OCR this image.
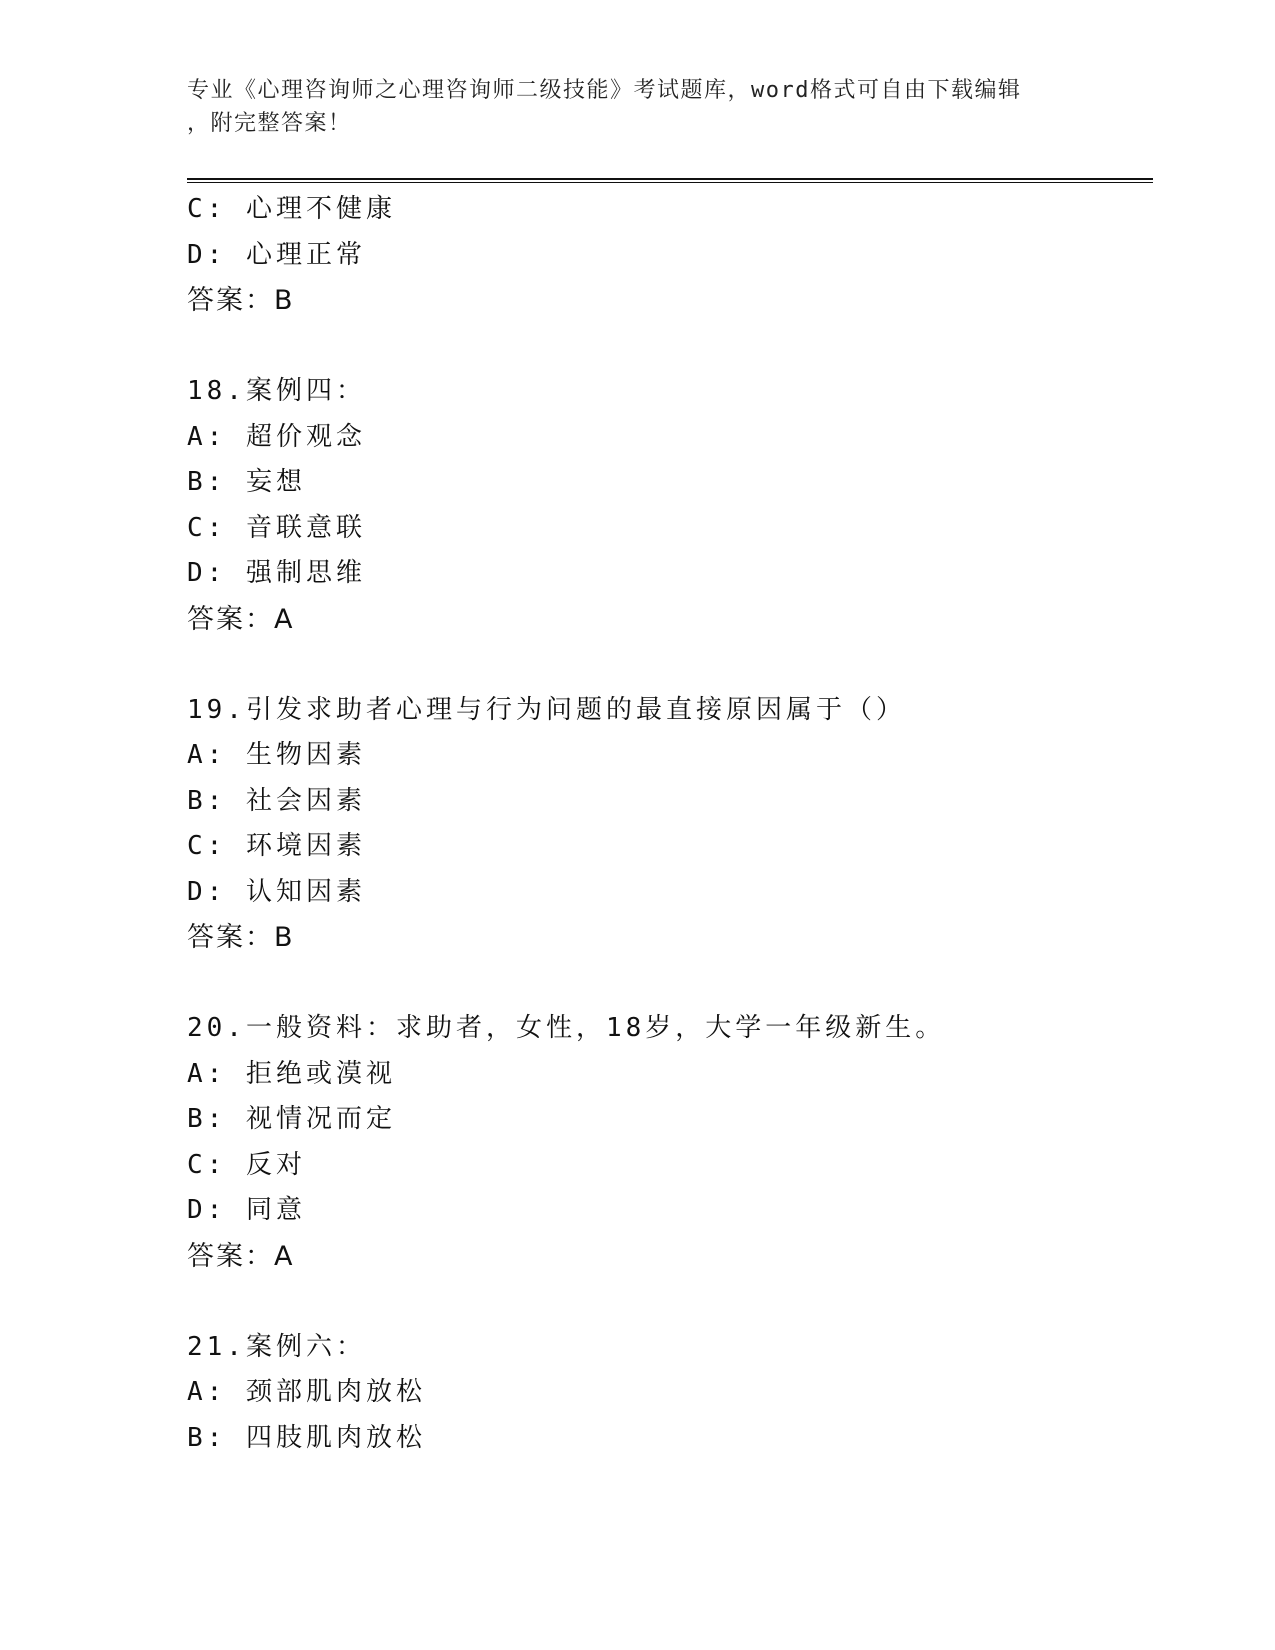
专业《心理咨询师之心理咨询师二级技能》考试题库，word格式可自由下载编辑
，附完整答案！
C: 心理不健康
D: 心理正常
答案：B
18.案例四：
A: 超价观念
B: 妄想
C: 音联意联
D: 强制思维
答案：A
19.引发求助者心理与行为问题的最直接原因属于（）
A: 生物因素
B: 社会因素
C: 环境因素
D: 认知因素
答案：B
20.一般资料：求助者，女性，18岁，大学一年级新生。
A: 拒绝或漠视
B: 视情况而定
C: 反对
D: 同意
答案：A
21.案例六：
A: 颈部肌肉放松
B: 四肢肌肉放松
